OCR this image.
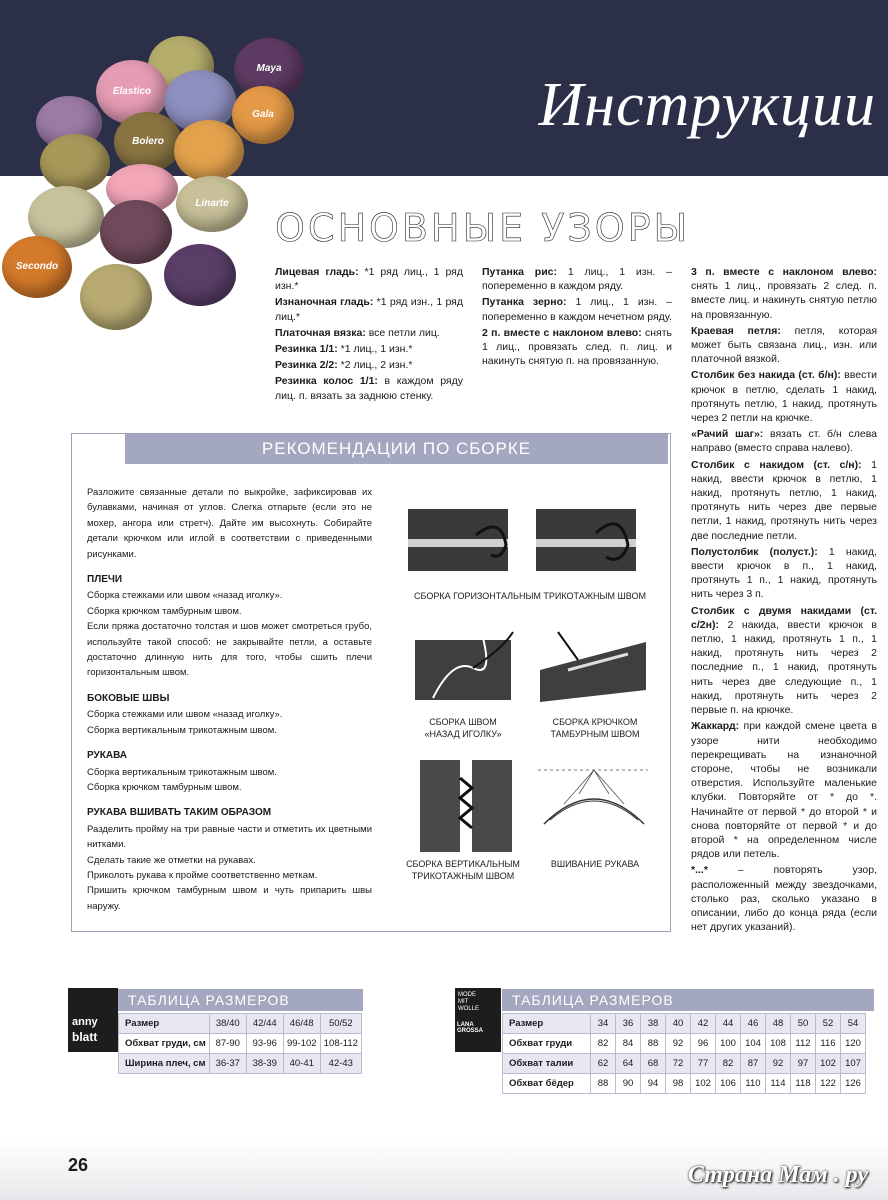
Инструкции
Maya
Elastico
Gala
Bolero
Linarte
Secondo
ОСНОВНЫЕ УЗОРЫ

Лицевая гладь: *1 ряд лиц., 1 ряд изн.*

Изнаночная гладь: *1 ряд изн., 1 ряд лиц.*

Платочная вязка: все петли лиц.

Резинка 1/1: *1 лиц., 1 изн.*

Резинка 2/2: *2 лиц., 2 изн.*

Резинка колос 1/1: в каждом ряду лиц. п. вязать за заднюю стенку.

Путанка рис: 1 лиц., 1 изн. – попеременно в каждом ряду.

Путанка зерно: 1 лиц., 1 изн. – попеременно в каждом нечетном ряду.

2 п. вместе с наклоном влево: снять 1 лиц., провязать след. п. лиц. и накинуть снятую п. на провязанную.

3 п. вместе с наклоном влево: снять 1 лиц., провязать 2 след. п. вместе лиц. и накинуть снятую петлю на провязанную.

Краевая петля: петля, которая может быть связана лиц., изн. или платочной вязкой.

Столбик без накида (ст. б/н): ввести крючок в петлю, сделать 1 накид, протянуть петлю, 1 накид, протянуть через 2 петли на крючке.

«Рачий шаг»: вязать ст. б/н слева направо (вместо справа налево).

Столбик с накидом (ст. с/н): 1 накид, ввести крючок в петлю, 1 накид, протянуть петлю, 1 накид, протянуть нить через две первые петли, 1 накид, протянуть нить через две последние петли.

Полустолбик (полуст.): 1 накид, ввести крючок в п., 1 накид, протянуть 1 п., 1 накид, протянуть нить через 3 п.

Столбик с двумя накидами (ст. с/2н): 2 накида, ввести крючок в петлю, 1 накид, протянуть 1 п., 1 накид, протянуть нить через 2 последние п., 1 накид, протянуть нить через две следующие п., 1 накид, протянуть нить через 2 первые п. на крючке.

Жаккард: при каждой смене цвета в узоре нити необходимо перекрещивать на изнаночной стороне, чтобы не возникали отверстия. Используйте маленькие клубки. Повторяйте от * до *. Начинайте от первой * до второй * и снова повторяйте от первой * и до второй * на определенном числе рядов или петель.

*...* – повторять узор, расположенный между звездочками, столько раз, сколько указано в описании, либо до конца ряда (если нет других указаний).

РЕКОМЕНДАЦИИ ПО СБОРКЕ

Разложите связанные детали по выкройке, зафиксировав их булавками, начиная от углов. Слегка отпарьте (если это не мохер, ангора или стретч). Дайте им высохнуть. Собирайте детали крючком или иглой в соответствии с приведенными рисунками.

ПЛЕЧИ

Сборка стежками или швом «назад иголку».

Сборка крючком тамбурным швом.

Если пряжа достаточно толстая и шов может смотреться грубо, используйте такой способ: не закрывайте петли, а оставьте достаточно длинную нить для того, чтобы сшить плечи горизонтальным швом.

БОКОВЫЕ ШВЫ

Сборка стежками или швом «назад иголку».

Сборка вертикальным трикотажным швом.

РУКАВА

Сборка вертикальным трикотажным швом.

Сборка крючком тамбурным швом.

РУКАВА ВШИВАТЬ ТАКИМ ОБРАЗОМ

Разделить пройму на три равные части и отметить их цветными нитками.

Сделать такие же отметки на рукавах.

Приколоть рукава к пройме соответственно меткам.

Пришить крючком тамбурным швом и чуть припарить швы наружу.

СБОРКА ГОРИЗОНТАЛЬНЫМ ТРИКОТАЖНЫМ ШВОМ
СБОРКА ШВОМ
«НАЗАД ИГОЛКУ»
СБОРКА КРЮЧКОМ
ТАМБУРНЫМ ШВОМ
СБОРКА ВЕРТИКАЛЬНЫМ
ТРИКОТАЖНЫМ ШВОМ
ВШИВАНИЕ РУКАВА
anny
blatt
ТАБЛИЦА РАЗМЕРОВ
Размер	38/40	42/44	46/48	50/52
Обхват груди, см	87-90	93-96	99-102	108-112
Ширина плеч, см	36-37	38-39	40-41	42-43
MODE
MIT
WOLLE
LANA GROSSA
ТАБЛИЦА РАЗМЕРОВ
Размер	34	36	38	40	42	44	46	48	50	52	54
Обхват груди	82	84	88	92	96	100	104	108	112	116	120
Обхват талии	62	64	68	72	77	82	87	92	97	102	107
Обхват бёдер	88	90	94	98	102	106	110	114	118	122	126
26	Страна Мам . ру
